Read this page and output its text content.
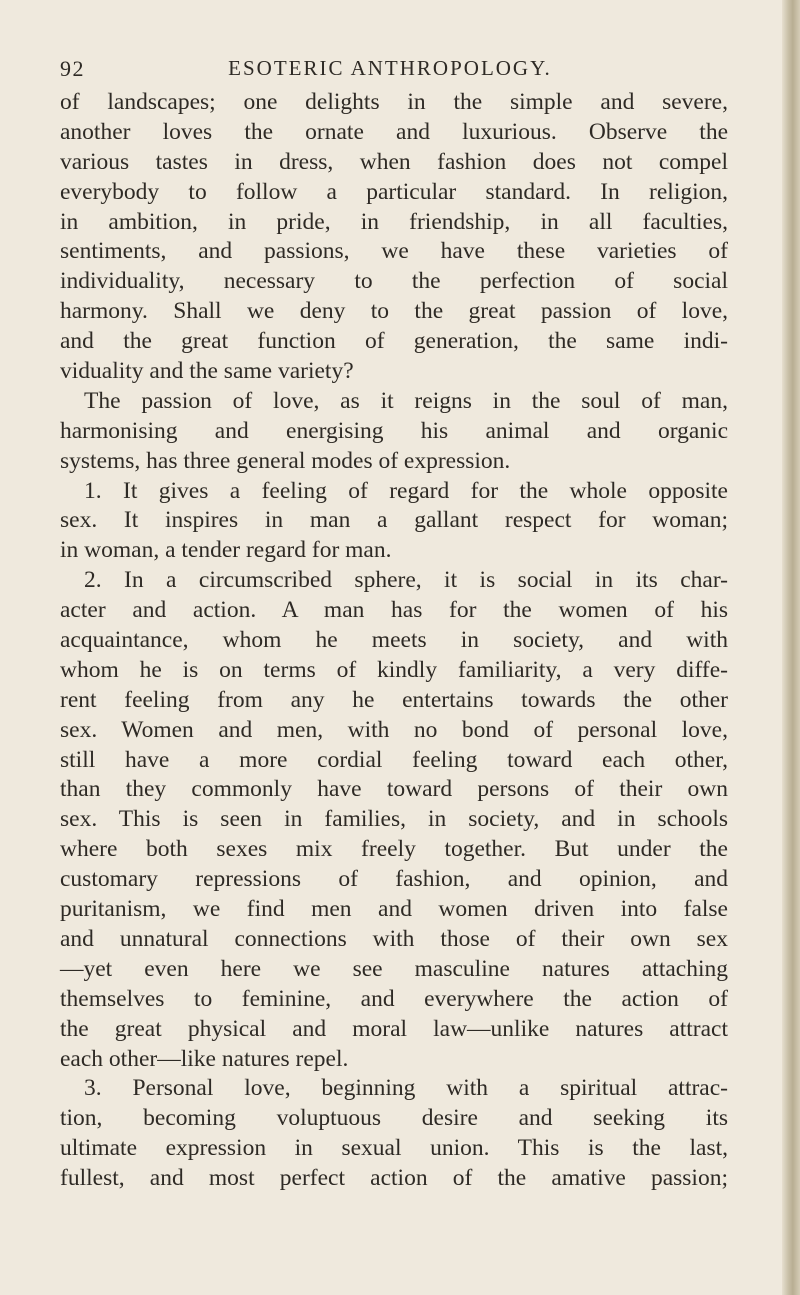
92	ESOTERIC ANTHROPOLOGY.
of landscapes; one delights in the simple and severe,
another loves the ornate and luxurious. Observe the
various tastes in dress, when fashion does not compel
everybody to follow a particular standard. In religion,
in ambition, in pride, in friendship, in all faculties,
sentiments, and passions, we have these varieties of
individuality, necessary to the perfection of social
harmony. Shall we deny to the great passion of love,
and the great function of generation, the same indi-
viduality and the same variety?
The passion of love, as it reigns in the soul of man,
harmonising and energising his animal and organic
systems, has three general modes of expression.
1. It gives a feeling of regard for the whole opposite
sex. It inspires in man a gallant respect for woman;
in woman, a tender regard for man.
2. In a circumscribed sphere, it is social in its char-
acter and action. A man has for the women of his
acquaintance, whom he meets in society, and with
whom he is on terms of kindly familiarity, a very diffe-
rent feeling from any he entertains towards the other
sex. Women and men, with no bond of personal love,
still have a more cordial feeling toward each other,
than they commonly have toward persons of their own
sex. This is seen in families, in society, and in schools
where both sexes mix freely together. But under the
customary repressions of fashion, and opinion, and
puritanism, we find men and women driven into false
and unnatural connections with those of their own sex
—yet even here we see masculine natures attaching
themselves to feminine, and everywhere the action of
the great physical and moral law—unlike natures attract
each other—like natures repel.
3. Personal love, beginning with a spiritual attrac-
tion, becoming voluptuous desire and seeking its
ultimate expression in sexual union. This is the last,
fullest, and most perfect action of the amative passion;
